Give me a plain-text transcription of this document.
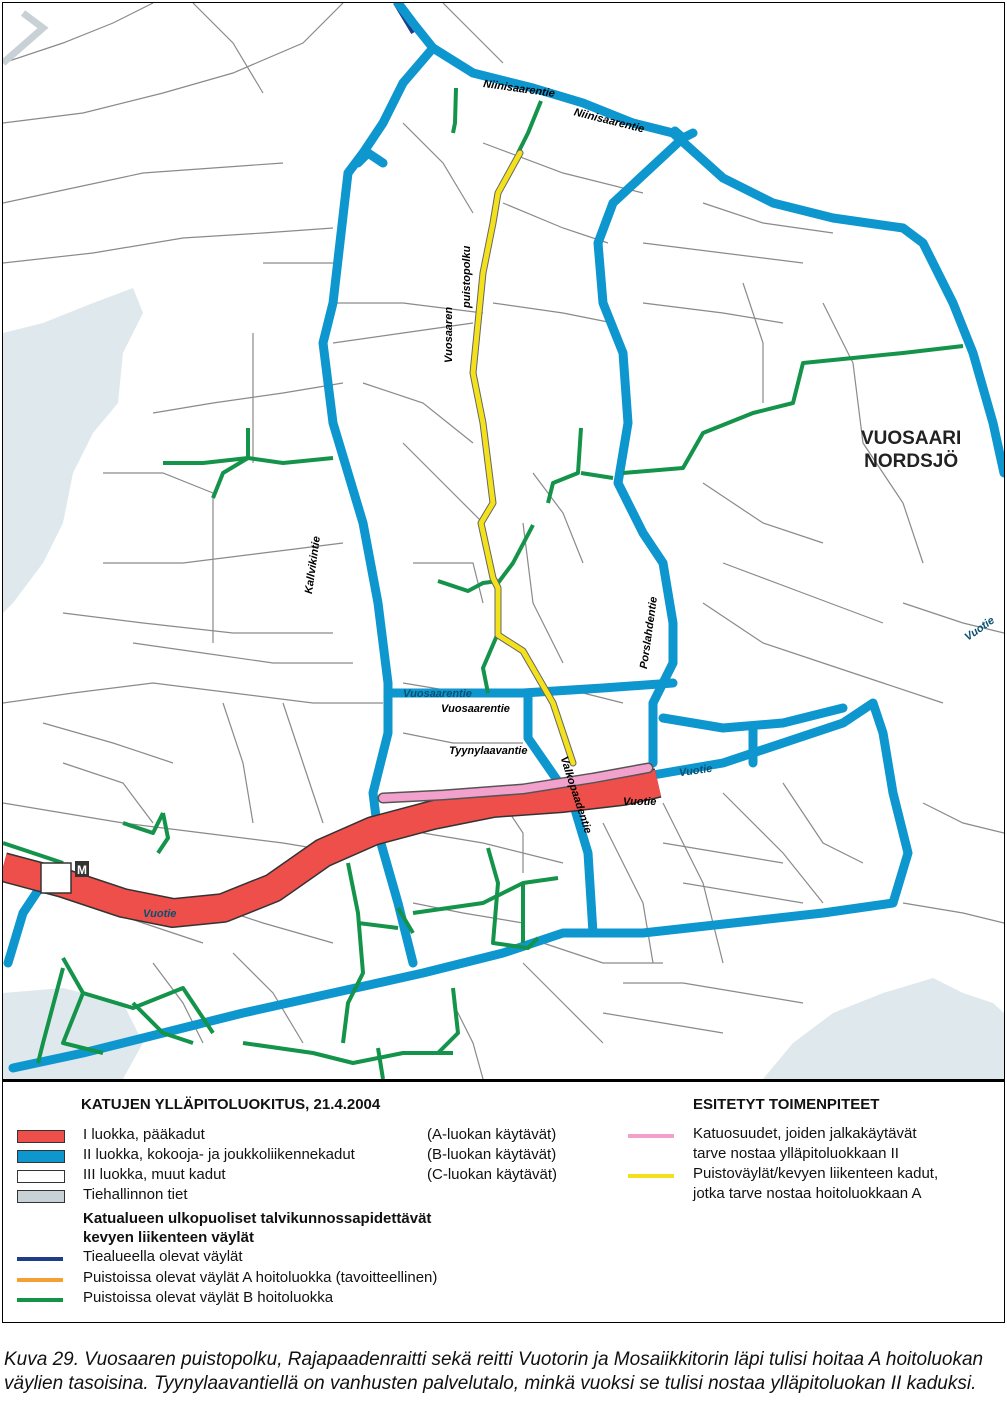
M
VUOSAARI
NORDSJÖ
Niinisaarentie
Niinisaarentie
Vuosaaren
puistopolku
Kallvikintie
Vuosaarentie
Vuosaarentie
Porslahdentie
Tyynylaavantie
Valkopaadentie	Vuotie
Vuotie
Vuotie
Vuotie
KATUJEN YLLÄPITOLUOKITUS, 21.4.2004
I luokka, pääkadut	(A-luokan käytävät)
II luokka, kokooja- ja joukkoliikennekadut	(B-luokan käytävät)
III luokka, muut kadut	(C-luokan käytävät)
Tiehallinnon tiet
Katualueen ulkopuoliset talvikunnossapidettävät
kevyen liikenteen väylät
Tiealueella olevat väylät
Puistoissa olevat väylät A hoitoluokka (tavoitteellinen)
Puistoissa olevat väylät B hoitoluokka
ESITETYT TOIMENPITEET
Katuosuudet, joiden jalkakäytävät
tarve nostaa ylläpitoluokkaan II
Puistoväylät/kevyen liikenteen kadut,
jotka tarve nostaa hoitoluokkaan A
Kuva 29. Vuosaaren puistopolku, Rajapaadenraitti sekä reitti Vuotorin ja Mosaiikkitorin läpi tulisi hoitaa A hoitoluokan väylien tasoisina. Tyynylaavantiellä on vanhusten palvelutalo, minkä vuoksi se tulisi nostaa ylläpitoluokan II kaduksi.
